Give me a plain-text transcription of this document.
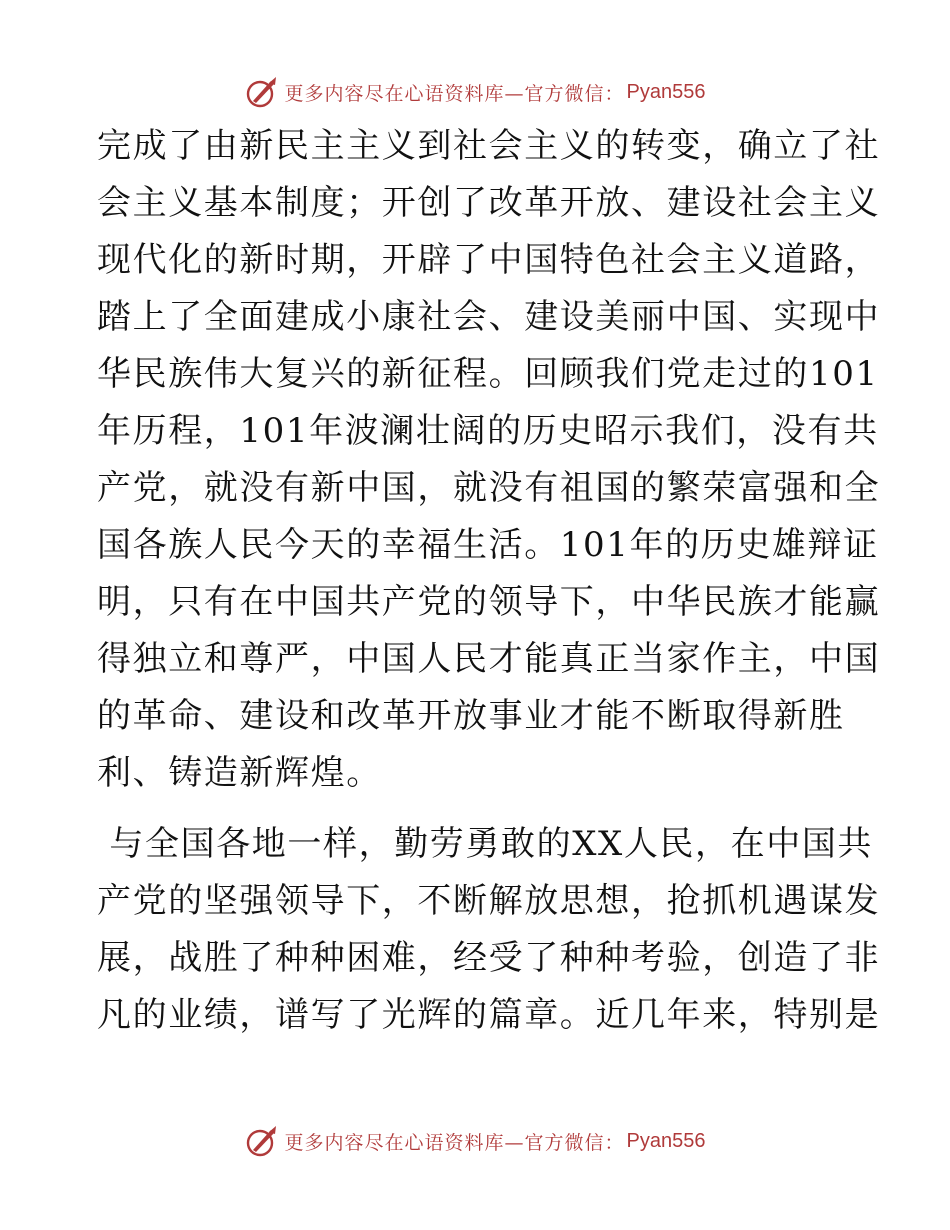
更多内容尽在心语资料库—官方微信： Pyan556
完成了由新民主主义到社会主义的转变，确立了社
会主义基本制度；开创了改革开放、建设社会主义
现代化的新时期，开辟了中国特色社会主义道路，
踏上了全面建成小康社会、建设美丽中国、实现中
华民族伟大复兴的新征程。回顾我们党走过的101
年历程，101年波澜壮阔的历史昭示我们，没有共
产党，就没有新中国，就没有祖国的繁荣富强和全
国各族人民今天的幸福生活。101年的历史雄辩证
明，只有在中国共产党的领导下，中华民族才能赢
得独立和尊严，中国人民才能真正当家作主，中国
的革命、建设和改革开放事业才能不断取得新胜
利、铸造新辉煌。
与全国各地一样，勤劳勇敢的XX人民，在中国共
产党的坚强领导下，不断解放思想，抢抓机遇谋发
展，战胜了种种困难，经受了种种考验，创造了非
凡的业绩，谱写了光辉的篇章。近几年来，特别是
更多内容尽在心语资料库—官方微信： Pyan556
